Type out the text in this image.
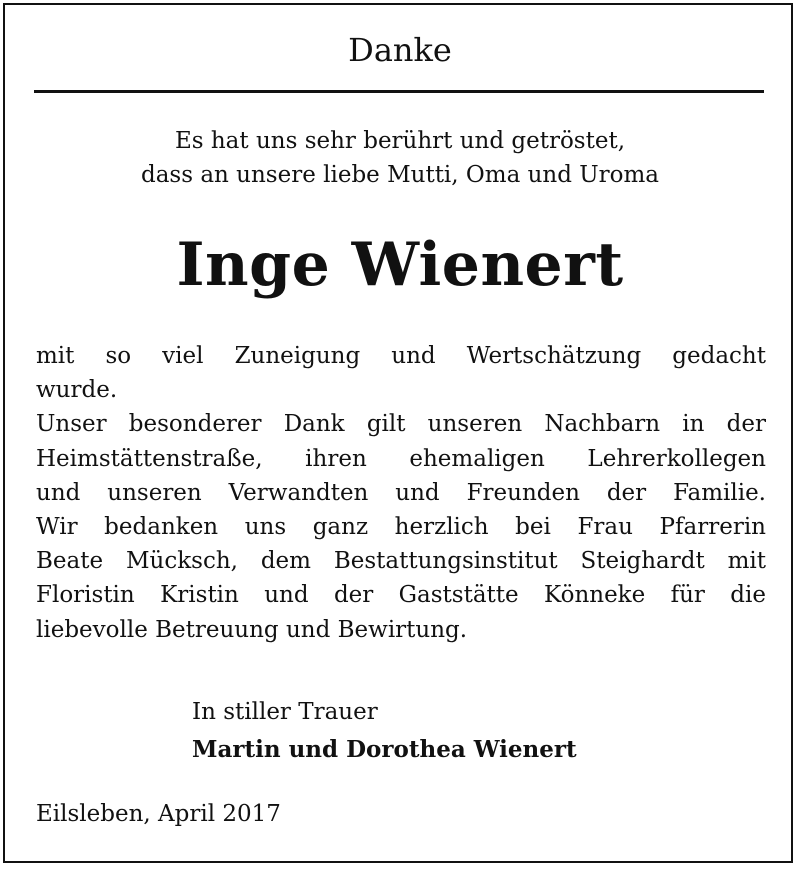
Danke
Es hat uns sehr berührt und getröstet,
dass an unsere liebe Mutti, Oma und Uroma
Inge Wienert
mit so viel Zuneigung und Wertschätzung gedacht
wurde.
Unser besonderer Dank gilt unseren Nachbarn in der
Heimstättenstraße, ihren ehemaligen Lehrerkollegen
und unseren Verwandten und Freunden der Familie.
Wir bedanken uns ganz herzlich bei Frau Pfarrerin
Beate Mücksch, dem Bestattungsinstitut Steighardt mit
Floristin Kristin und der Gaststätte Könneke für die
liebevolle Betreuung und Bewirtung.
In stiller Trauer
Martin und Dorothea Wienert
Eilsleben, April 2017
